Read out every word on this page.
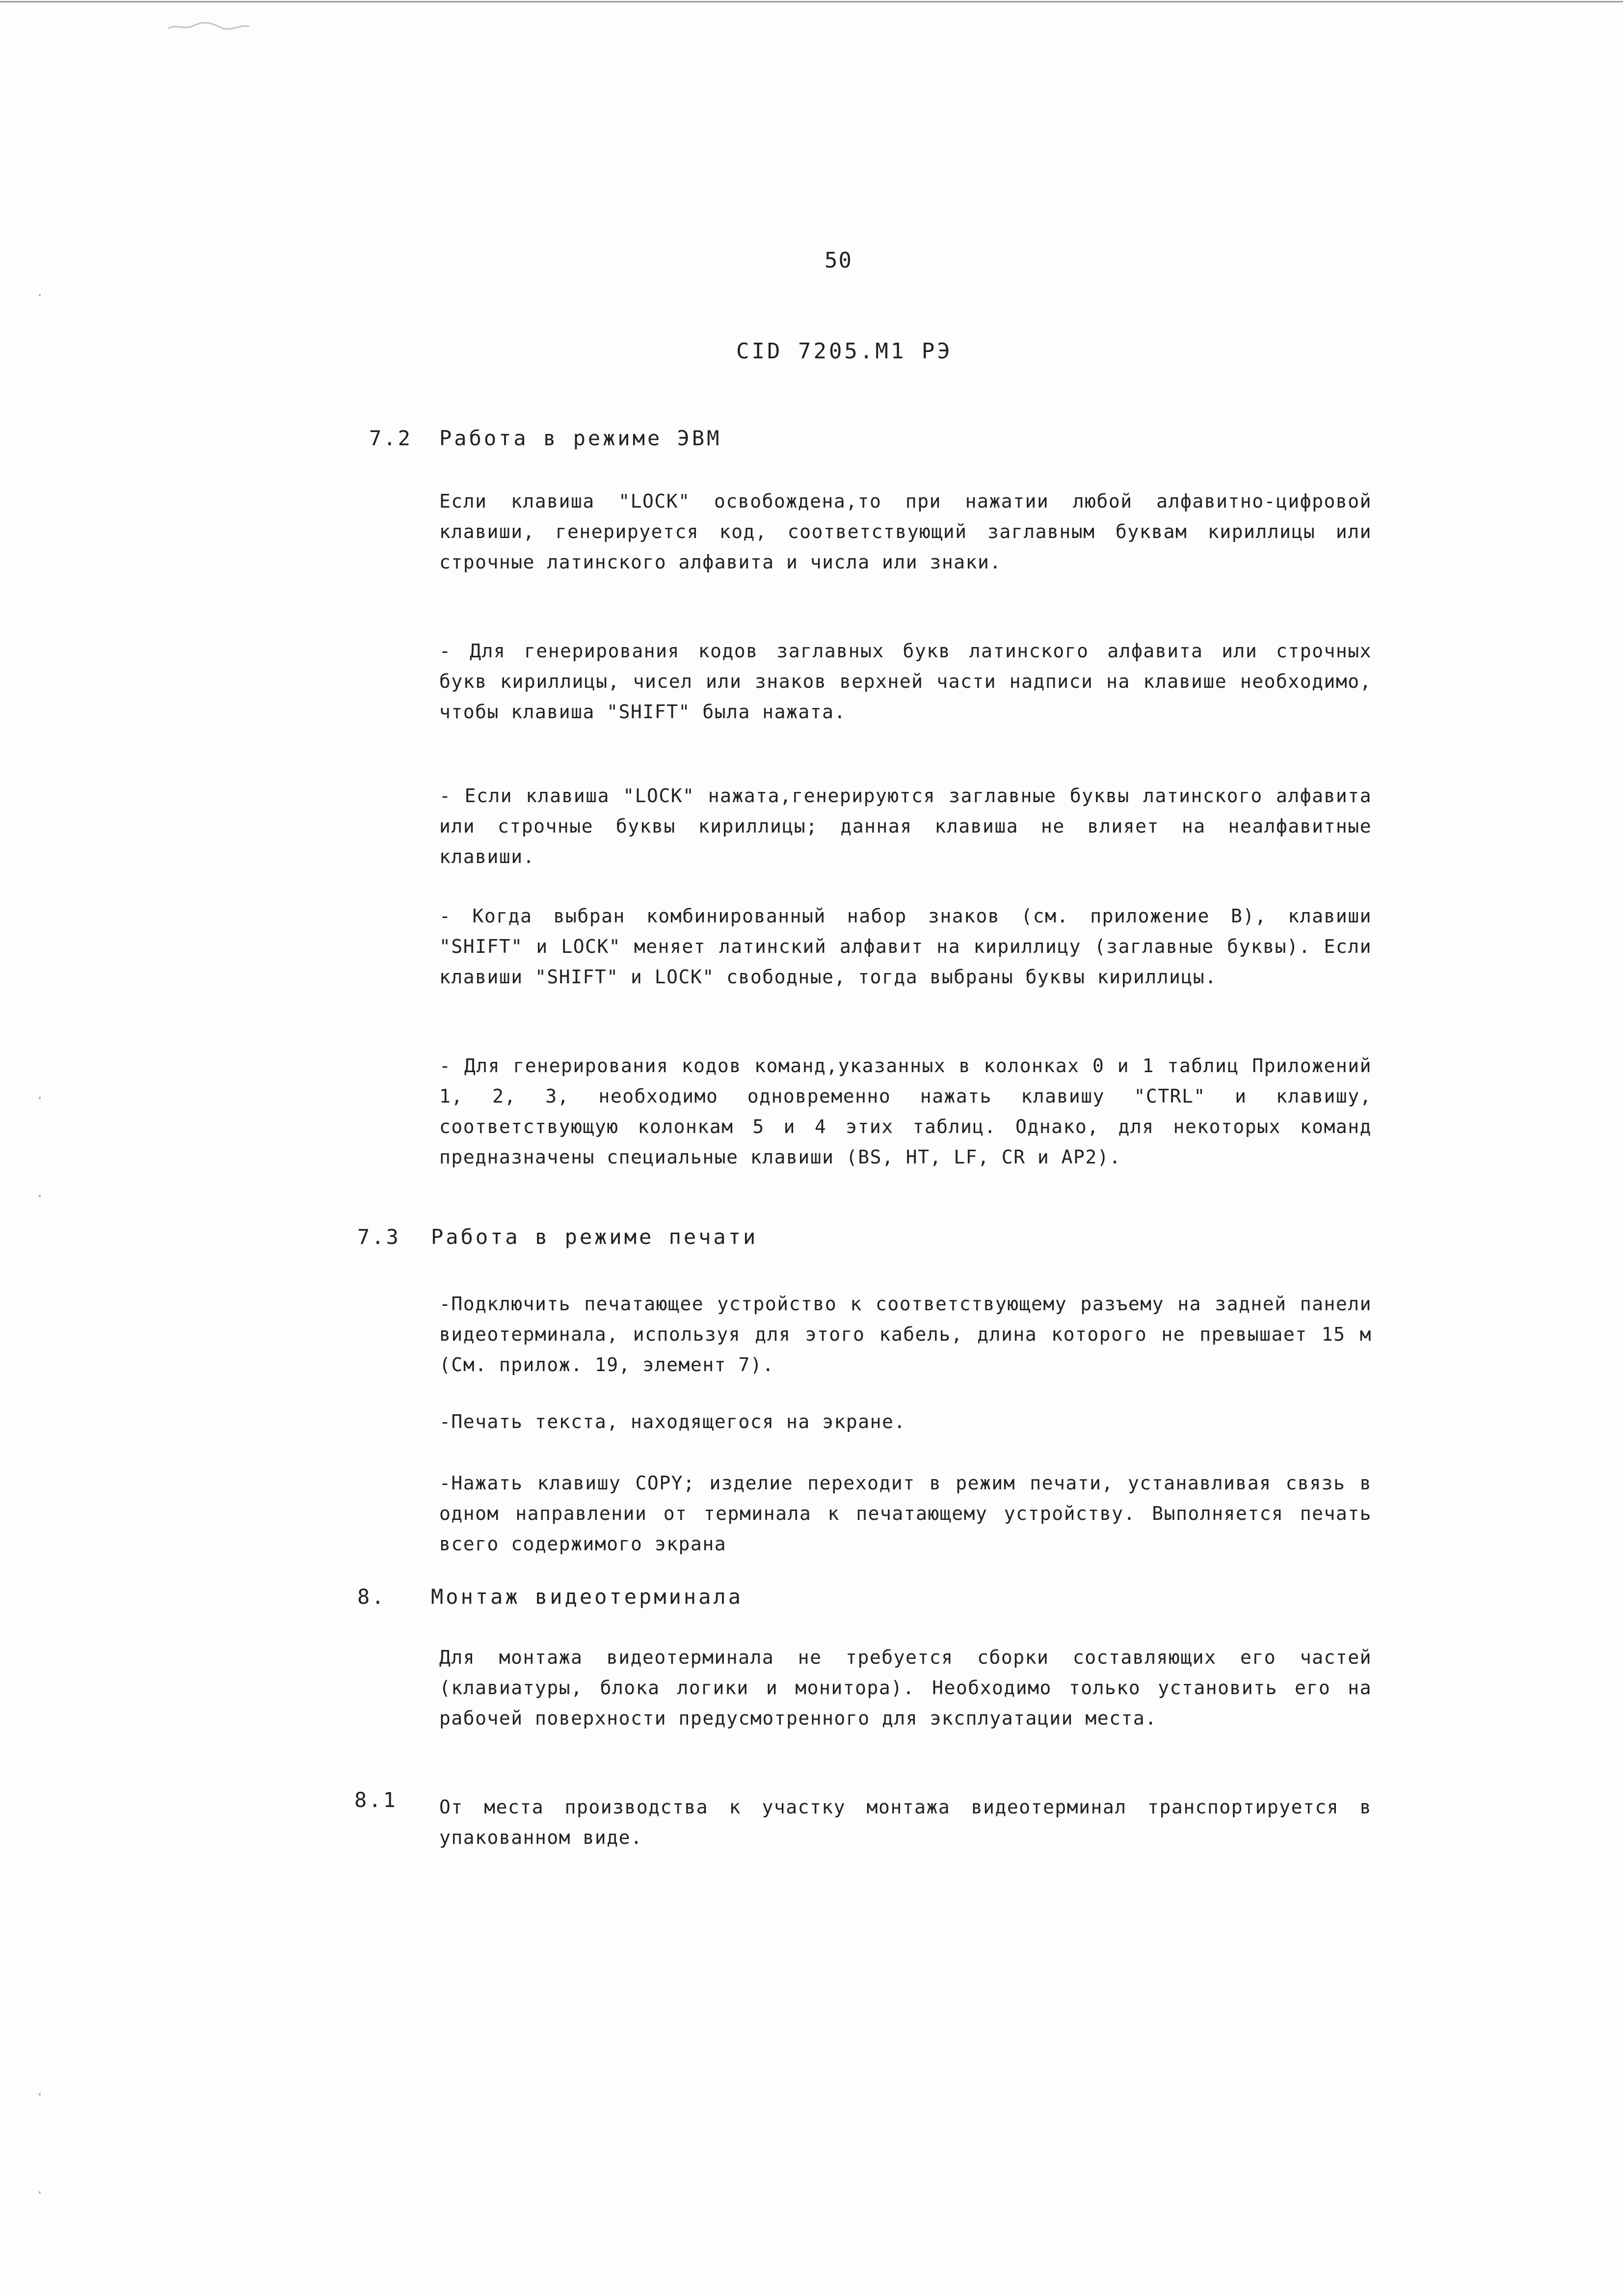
·
·
·
·
·
50
CID 7205.M1 РЭ
7.2 Работа в режиме ЭВМ
Если клавиша "LOCK" освобождена,то при нажатии любой алфавитно-цифровой клавиши, генерируется код, соответствующий заглавным буквам кириллицы или строчные латинского алфавита и числа или знаки.
- Для генерирования кодов заглавных букв латинского алфавита или строчных букв кириллицы, чисел или знаков верхней части надписи на клавише необходимо, чтобы клавиша "SHIFT" была нажата.
- Если клавиша "LOCK" нажата,генерируются заглавные буквы латинского алфавита или строчные буквы кириллицы; данная клавиша не влияет на неалфавитные клавиши.
- Когда выбран комбинированный набор знаков (см. приложение В), клавиши "SHIFT" и LOCK" меняет латинский алфавит на кириллицу (заглавные буквы). Если клавиши "SHIFT" и LOCK" свободные, тогда выбраны буквы кириллицы.
- Для генерирования кодов команд,указанных в колонках 0 и 1 таблиц Приложений 1, 2, 3, необходимо одновременно нажать клавишу "CTRL" и клавишу, соответствующую колонкам 5 и 4 этих таблиц. Однако, для некоторых команд предназначены специальные клавиши (BS, HT, LF, CR и AP2).
7.3 Работа в режиме печати
-Подключить печатающее устройство к соответствующему разъему на задней панели видеотерминала, используя для этого кабель, длина которого не превышает 15 м (См. прилож. 19, элемент 7).
-Печать текста, находящегося на экране.
-Нажать клавишу COPY; изделие переходит в режим печати, устанавливая связь в одном направлении от терминала к печатающему устройству. Выполняется печать всего содержимого экрана
8. Монтаж видеотерминала
Для монтажа видеотерминала не требуется сборки составляющих его частей (клавиатуры, блока логики и монитора). Необходимо только установить его на рабочей поверхности предусмотренного для эксплуатации места.
8.1 От места производства к участку монтажа видеотерминал транспортируется в упакованном виде.
